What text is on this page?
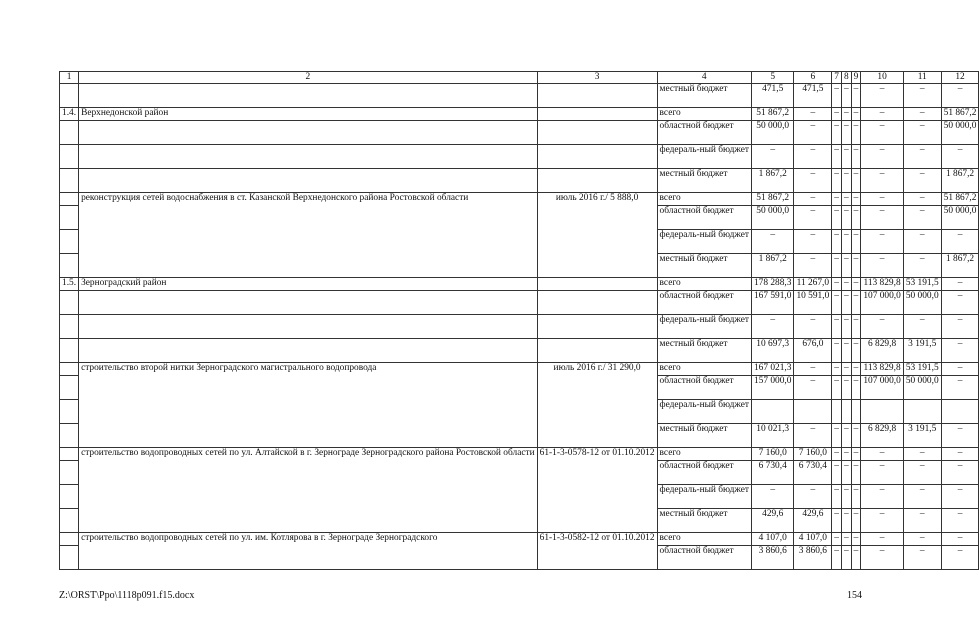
1	2	3	4	5	6	7	8	9	10	11	12
			местный бюджет	471,5	471,5	–	–	–	–	–	–
1.4.	Верхнедонской район		всего	51 867,2	–	–	–	–	–	–	51 867,2
			областной бюджет	50 000,0	–	–	–	–	–	–	50 000,0
			федераль-ный бюджет	–	–	–	–	–	–	–	–
			местный бюджет	1 867,2	–	–	–	–	–	–	1 867,2
	реконструкция сетей водоснабжения в ст. Казанской Верхнедонского района Ростовской области	июль 2016 г./ 5 888,0	всего	51 867,2	–	–	–	–	–	–	51 867,2
			областной бюджет	50 000,0	–	–	–	–	–	–	50 000,0
			федераль-ный бюджет	–	–	–	–	–	–	–	–
			местный бюджет	1 867,2	–	–	–	–	–	–	1 867,2
1.5.	Зерноградский район		всего	178 288,3	11 267,0	–	–	–	113 829,8	53 191,5	–
			областной бюджет	167 591,0	10 591,0	–	–	–	107 000,0	50 000,0	–
			федераль-ный бюджет	–	–	–	–	–	–	–	–
			местный бюджет	10 697,3	676,0	–	–	–	6 829,8	3 191,5	–
	строительство второй нитки Зерноградского магистрального водопровода	июль 2016 г./ 31 290,0	всего	167 021,3	–	–	–	–	113 829,8	53 191,5	–
			областной бюджет	157 000,0	–	–	–	–	107 000,0	50 000,0	–
			федераль-ный бюджет								
			местный бюджет	10 021,3	–	–	–	–	6 829,8	3 191,5	–
	строительство водопроводных сетей по ул. Алтайской в г. Зернограде Зерноградского района Ростовской области	61-1-3-0578-12 от 01.10.2012	всего	7 160,0	7 160,0	–	–	–	–	–	–
			областной бюджет	6 730,4	6 730,4	–	–	–	–	–	–
			федераль-ный бюджет	–	–	–	–	–	–	–	–
			местный бюджет	429,6	429,6	–	–	–	–	–	–
	строительство водопроводных сетей по ул. им. Котлярова в г. Зернограде Зерноградского	61-1-3-0582-12 от 01.10.2012	всего	4 107,0	4 107,0	–	–	–	–	–	–
			областной бюджет	3 860,6	3 860,6	–	–	–	–	–	–
Z:\ORST\Ppo\1118p091.f15.docx	154
